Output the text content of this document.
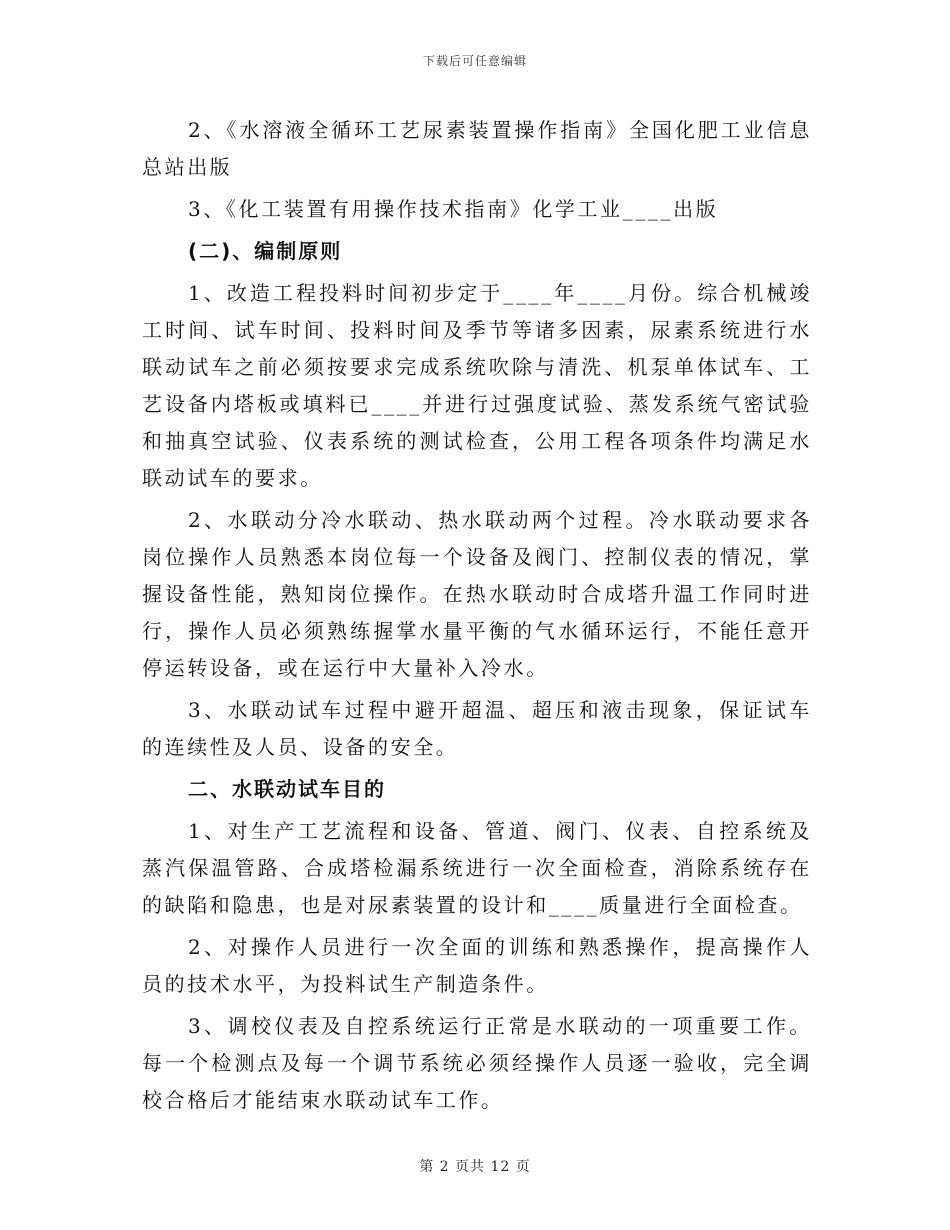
下载后可任意编辑

2、《水溶液全循环工艺尿素装置操作指南》全国化肥工业信息总站出版

3、《化工装置有用操作技术指南》化学工业____出版

(二)、编制原则

1、改造工程投料时间初步定于____年____月份。综合机械竣工时间、试车时间、投料时间及季节等诸多因素，尿素系统进行水联动试车之前必须按要求完成系统吹除与清洗、机泵单体试车、工艺设备内塔板或填料已____并进行过强度试验、蒸发系统气密试验和抽真空试验、仪表系统的测试检查，公用工程各项条件均满足水联动试车的要求。

2、水联动分冷水联动、热水联动两个过程。冷水联动要求各岗位操作人员熟悉本岗位每一个设备及阀门、控制仪表的情况，掌握设备性能，熟知岗位操作。在热水联动时合成塔升温工作同时进行，操作人员必须熟练握掌水量平衡的气水循环运行，不能任意开停运转设备，或在运行中大量补入冷水。

3、水联动试车过程中避开超温、超压和液击现象，保证试车的连续性及人员、设备的安全。

二、水联动试车目的

1、对生产工艺流程和设备、管道、阀门、仪表、自控系统及蒸汽保温管路、合成塔检漏系统进行一次全面检查，消除系统存在的缺陷和隐患，也是对尿素装置的设计和____质量进行全面检查。

2、对操作人员进行一次全面的训练和熟悉操作，提高操作人员的技术水平，为投料试生产制造条件。

3、调校仪表及自控系统运行正常是水联动的一项重要工作。每一个检测点及每一个调节系统必须经操作人员逐一验收，完全调校合格后才能结束水联动试车工作。

第 2 页共 12 页
